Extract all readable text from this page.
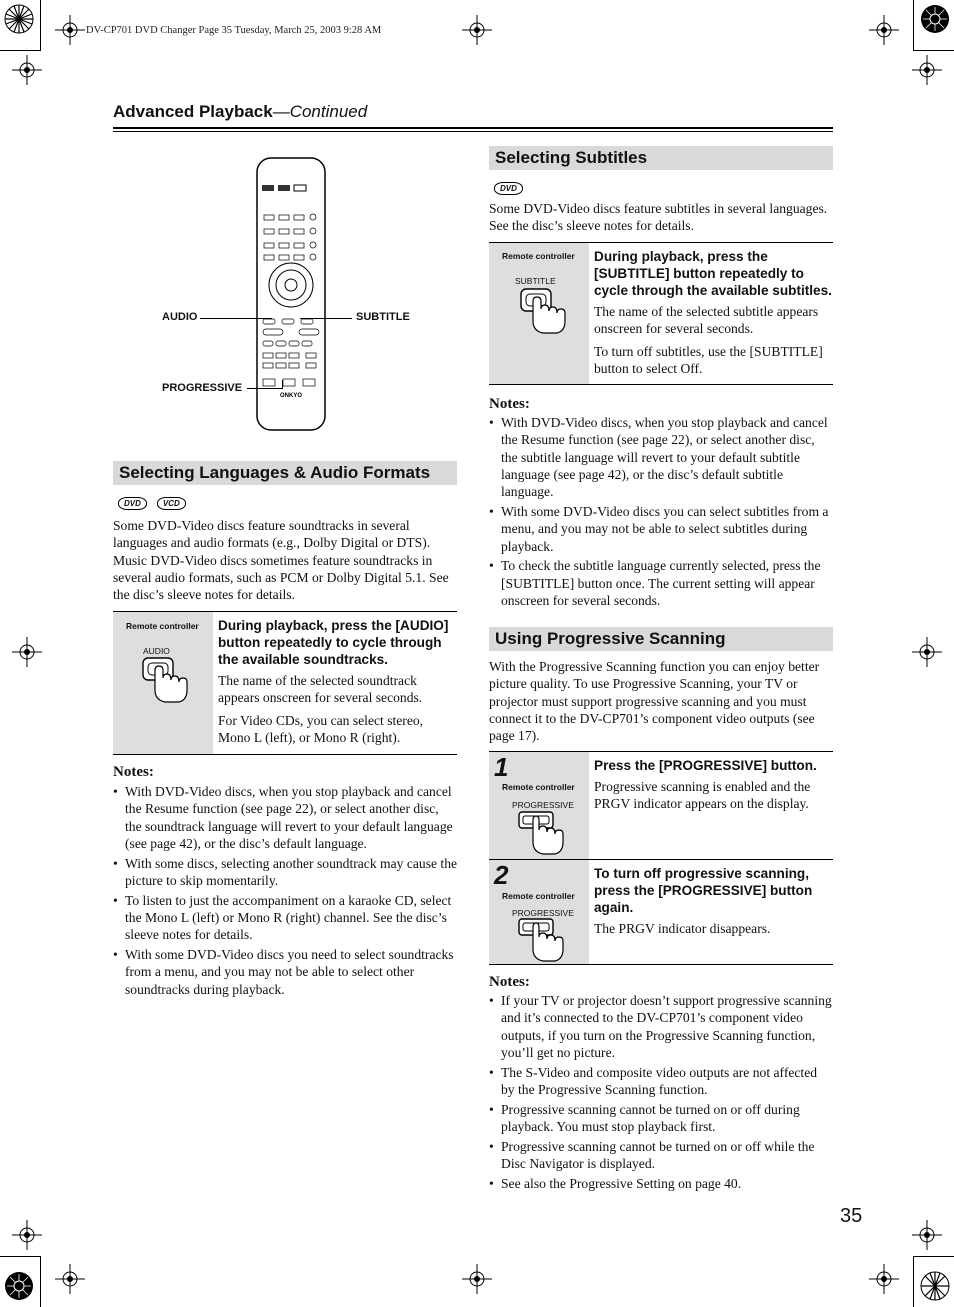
DV-CP701 DVD Changer Page 35 Tuesday, March 25, 2003 9:28 AM
Advanced Playback—Continued
ONKYO
AUDIO	SUBTITLE
PROGRESSIVE
Selecting Languages & Audio Formats
DVD	VCD

Some DVD-Video discs feature soundtracks in several languages and audio formats (e.g., Dolby Digital or DTS). Music DVD-Video discs sometimes feature soundtracks in several audio formats, such as PCM or Dolby Digital 5.1. See the disc’s sleeve notes for details.

Remote controller
AUDIO
During playback, press the [AUDIO] button repeatedly to cycle through the available soundtracks.

The name of the selected soundtrack appears onscreen for several seconds.

For Video CDs, you can select stereo, Mono L (left), or Mono R (right).

Notes:
• With DVD-Video discs, when you stop playback and cancel the Resume function (see page 22), or select another disc, the soundtrack language will revert to your default language (see page 42), or the disc’s default language.
• With some discs, selecting another soundtrack may cause the picture to skip momentarily.
• To listen to just the accompaniment on a karaoke CD, select the Mono L (left) or Mono R (right) channel. See the disc’s sleeve notes for details.
• With some DVD-Video discs you need to select soundtracks from a menu, and you may not be able to select other soundtracks during playback.
Selecting Subtitles
DVD

Some DVD-Video discs feature subtitles in several languages. See the disc’s sleeve notes for details.

Remote controller
SUBTITLE
During playback, press the [SUBTITLE] button repeatedly to cycle through the available subtitles.

The name of the selected subtitle appears onscreen for several seconds.

To turn off subtitles, use the [SUBTITLE] button to select Off.

Notes:
• With DVD-Video discs, when you stop playback and cancel the Resume function (see page 22), or select another disc, the subtitle language will revert to your default subtitle language (see page 42), or the disc’s default subtitle language.
• With some DVD-Video discs you can select subtitles from a menu, and you may not be able to select subtitles during playback.
• To check the subtitle language currently selected, press the [SUBTITLE] button once. The current setting will appear onscreen for several seconds.
Using Progressive Scanning

With the Progressive Scanning function you can enjoy better picture quality. To use Progressive Scanning, your TV or projector must support progressive scanning and you must connect it to the DV-CP701’s component video outputs (see page 17).

1
Remote controller
PROGRESSIVE
Press the [PROGRESSIVE] button.
Progressive scanning is enabled and the PRGV indicator appears on the display.
2
Remote controller
PROGRESSIVE
To turn off progressive scanning, press the [PROGRESSIVE] button again.
The PRGV indicator disappears.
Notes:
• If your TV or projector doesn’t support progressive scanning and it’s connected to the DV-CP701’s component video outputs, if you turn on the Progressive Scanning function, you’ll get no picture.
• The S-Video and composite video outputs are not affected by the Progressive Scanning function.
• Progressive scanning cannot be turned on or off during playback. You must stop playback first.
• Progressive scanning cannot be turned on or off while the Disc Navigator is displayed.
• See also the Progressive Setting on page 40.
35
